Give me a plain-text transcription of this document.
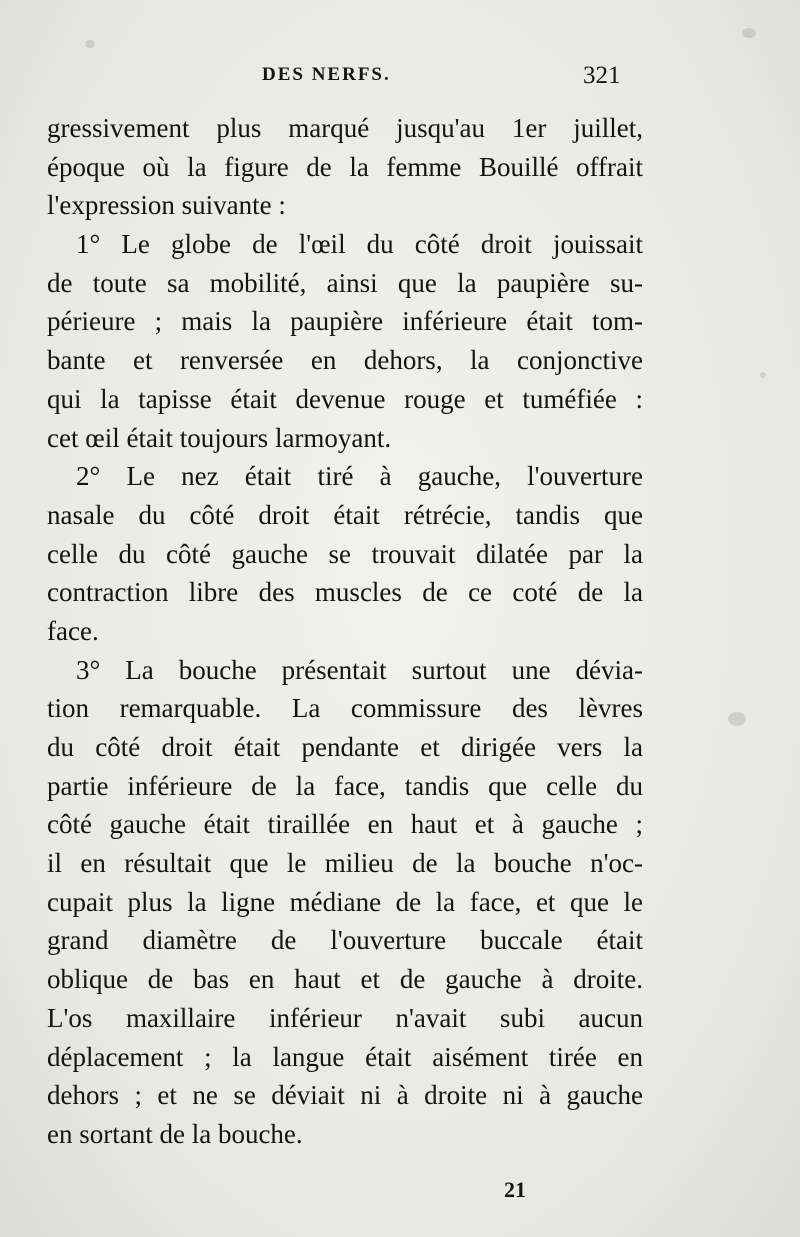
DES NERFS.	321
gressivement plus marqué jusqu'au 1er juillet,
époque où la figure de la femme Bouillé offrait
l'expression suivante :
1° Le globe de l'œil du côté droit jouissait
de toute sa mobilité, ainsi que la paupière su-
périeure ; mais la paupière inférieure était tom-
bante et renversée en dehors, la conjonctive
qui la tapisse était devenue rouge et tuméfiée :
cet œil était toujours larmoyant.
2° Le nez était tiré à gauche, l'ouverture
nasale du côté droit était rétrécie, tandis que
celle du côté gauche se trouvait dilatée par la
contraction libre des muscles de ce coté de la
face.
3° La bouche présentait surtout une dévia-
tion remarquable. La commissure des lèvres
du côté droit était pendante et dirigée vers la
partie inférieure de la face, tandis que celle du
côté gauche était tiraillée en haut et à gauche ;
il en résultait que le milieu de la bouche n'oc-
cupait plus la ligne médiane de la face, et que le
grand diamètre de l'ouverture buccale était
oblique de bas en haut et de gauche à droite.
L'os maxillaire inférieur n'avait subi aucun
déplacement ; la langue était aisément tirée en
dehors ; et ne se déviait ni à droite ni à gauche
en sortant de la bouche.
21
